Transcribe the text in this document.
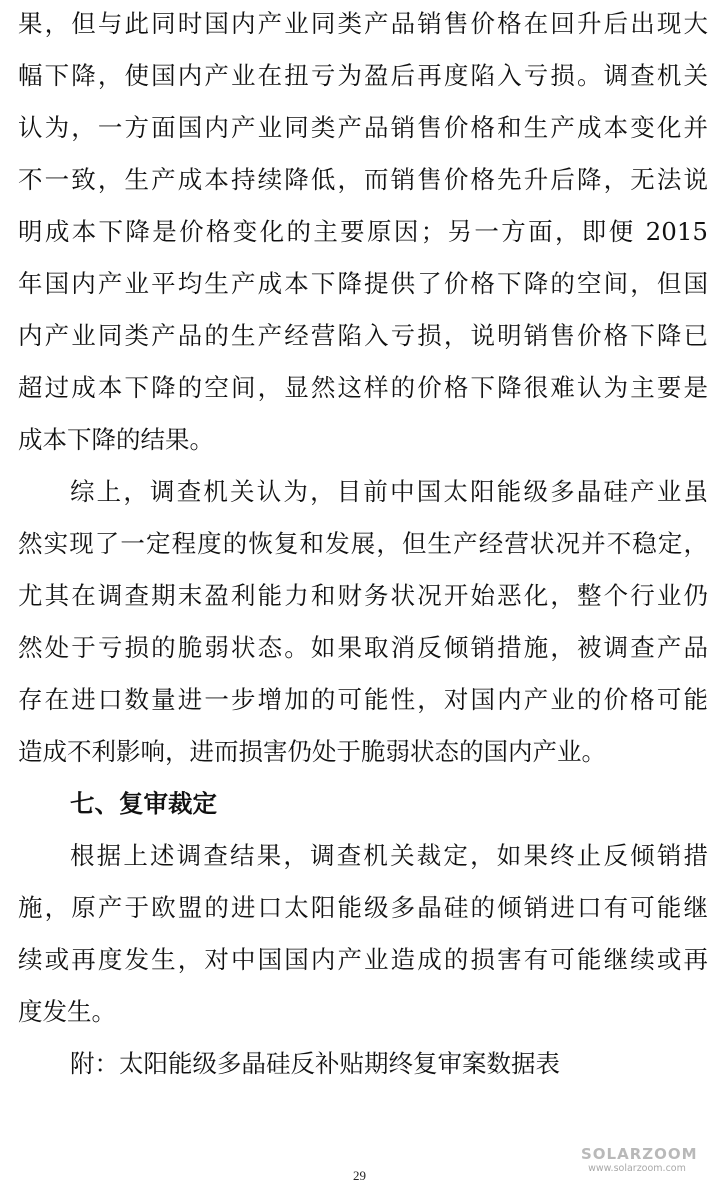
果，但与此同时国内产业同类产品销售价格在回升后出现大
幅下降，使国内产业在扭亏为盈后再度陷入亏损。调查机关
认为，一方面国内产业同类产品销售价格和生产成本变化并
不一致，生产成本持续降低，而销售价格先升后降，无法说
明成本下降是价格变化的主要原因；另一方面，即便 2015
年国内产业平均生产成本下降提供了价格下降的空间，但国
内产业同类产品的生产经营陷入亏损，说明销售价格下降已
超过成本下降的空间，显然这样的价格下降很难认为主要是
成本下降的结果。
综上，调查机关认为，目前中国太阳能级多晶硅产业虽
然实现了一定程度的恢复和发展，但生产经营状况并不稳定，
尤其在调查期末盈利能力和财务状况开始恶化，整个行业仍
然处于亏损的脆弱状态。如果取消反倾销措施，被调查产品
存在进口数量进一步增加的可能性，对国内产业的价格可能
造成不利影响，进而损害仍处于脆弱状态的国内产业。
七、复审裁定
根据上述调查结果，调查机关裁定，如果终止反倾销措
施，原产于欧盟的进口太阳能级多晶硅的倾销进口有可能继
续或再度发生，对中国国内产业造成的损害有可能继续或再
度发生。
附：太阳能级多晶硅反补贴期终复审案数据表
SOLARZOOM
www.solarzoom.com
29
